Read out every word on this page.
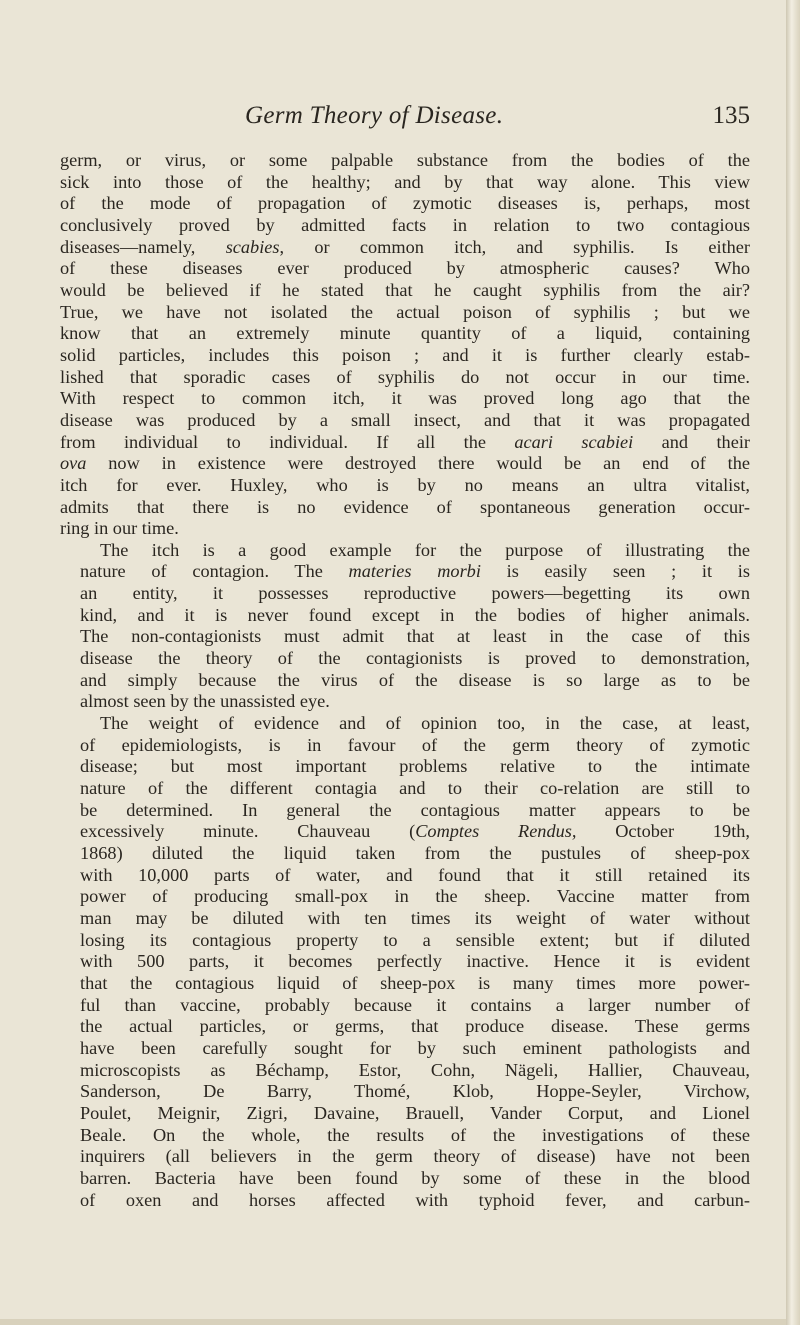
Germ Theory of Disease.	135

germ, or virus, or some palpable substance from the bodies of the
sick into those of the healthy; and by that way alone. This view
of the mode of propagation of zymotic diseases is, perhaps, most
conclusively proved by admitted facts in relation to two contagious
diseases—namely, scabies, or common itch, and syphilis. Is either
of these diseases ever produced by atmospheric causes? Who
would be believed if he stated that he caught syphilis from the air?
True, we have not isolated the actual poison of syphilis ; but we
know that an extremely minute quantity of a liquid, containing
solid particles, includes this poison ; and it is further clearly estab-
lished that sporadic cases of syphilis do not occur in our time.
With respect to common itch, it was proved long ago that the
disease was produced by a small insect, and that it was propagated
from individual to individual. If all the acari scabiei and their
ova now in existence were destroyed there would be an end of the
itch for ever. Huxley, who is by no means an ultra vitalist,
admits that there is no evidence of spontaneous generation occur-
ring in our time.

The itch is a good example for the purpose of illustrating the
nature of contagion. The materies morbi is easily seen ; it is
an entity, it possesses reproductive powers—begetting its own
kind, and it is never found except in the bodies of higher animals.
The non-contagionists must admit that at least in the case of this
disease the theory of the contagionists is proved to demonstration,
and simply because the virus of the disease is so large as to be
almost seen by the unassisted eye.

The weight of evidence and of opinion too, in the case, at least,
of epidemiologists, is in favour of the germ theory of zymotic
disease; but most important problems relative to the intimate
nature of the different contagia and to their co-relation are still to
be determined. In general the contagious matter appears to be
excessively minute. Chauveau (Comptes Rendus, October 19th,
1868) diluted the liquid taken from the pustules of sheep-pox
with 10,000 parts of water, and found that it still retained its
power of producing small-pox in the sheep. Vaccine matter from
man may be diluted with ten times its weight of water without
losing its contagious property to a sensible extent; but if diluted
with 500 parts, it becomes perfectly inactive. Hence it is evident
that the contagious liquid of sheep-pox is many times more power-
ful than vaccine, probably because it contains a larger number of
the actual particles, or germs, that produce disease. These germs
have been carefully sought for by such eminent pathologists and
microscopists as Béchamp, Estor, Cohn, Nägeli, Hallier, Chauveau,
Sanderson, De Barry, Thomé, Klob, Hoppe-Seyler, Virchow,
Poulet, Meignir, Zigri, Davaine, Brauell, Vander Corput, and Lionel
Beale. On the whole, the results of the investigations of these
inquirers (all believers in the germ theory of disease) have not been
barren. Bacteria have been found by some of these in the blood
of oxen and horses affected with typhoid fever, and carbun-
